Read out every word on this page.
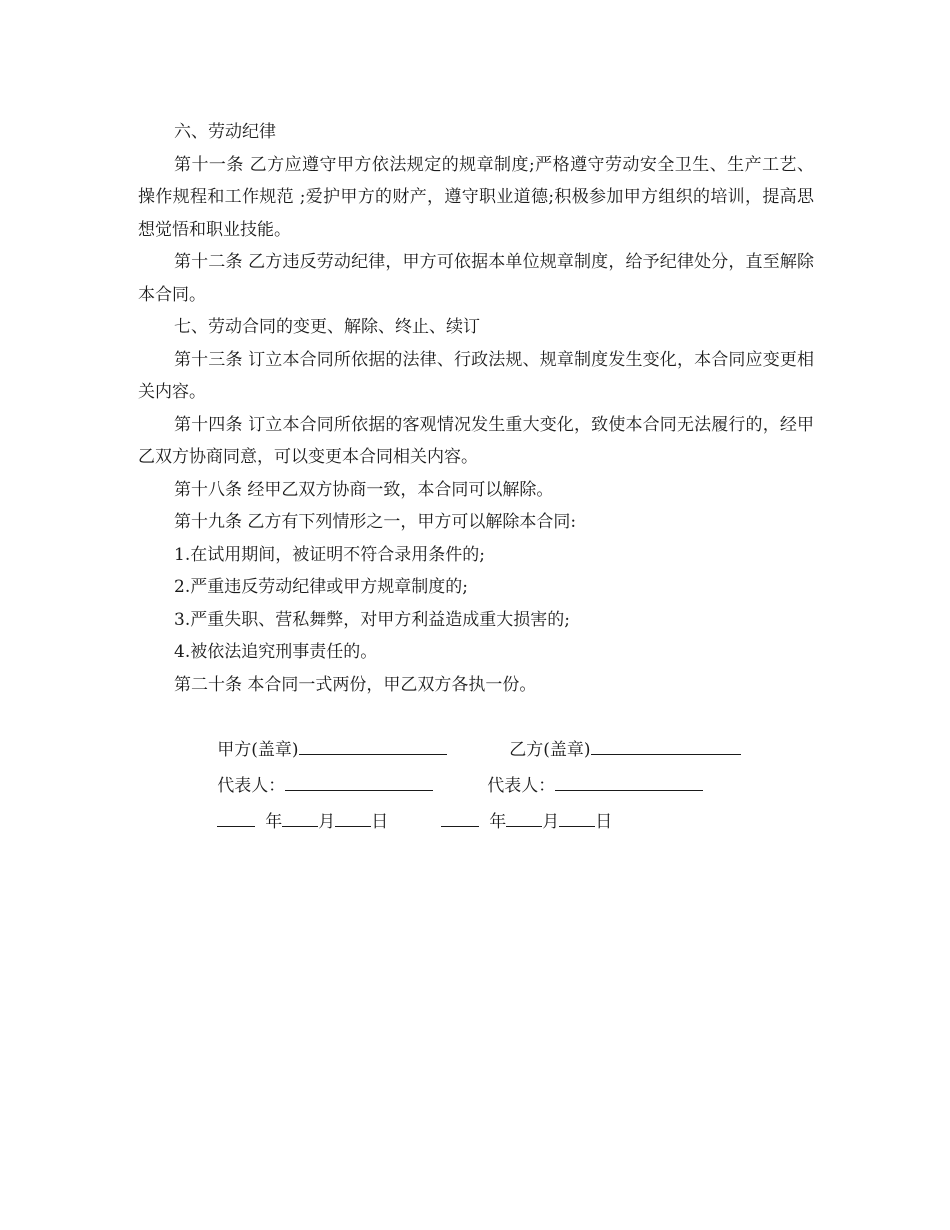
六、劳动纪律

第十一条 乙方应遵守甲方依法规定的规章制度;严格遵守劳动安全卫生、生产工艺、操作规程和工作规范 ;爱护甲方的财产，遵守职业道德;积极参加甲方组织的培训，提高思想觉悟和职业技能。

第十二条 乙方违反劳动纪律，甲方可依据本单位规章制度，给予纪律处分，直至解除本合同。

七、劳动合同的变更、解除、终止、续订

第十三条 订立本合同所依据的法律、行政法规、规章制度发生变化，本合同应变更相关内容。

第十四条 订立本合同所依据的客观情况发生重大变化，致使本合同无法履行的，经甲乙双方协商同意，可以变更本合同相关内容。

第十八条 经甲乙双方协商一致，本合同可以解除。

第十九条 乙方有下列情形之一，甲方可以解除本合同:

1.在试用期间，被证明不符合录用条件的;

2.严重违反劳动纪律或甲方规章制度的;

3.严重失职、营私舞弊，对甲方利益造成重大损害的;

4.被依法追究刑事责任的。

第二十条 本合同一式两份，甲乙双方各执一份。

甲方(盖章)
	乙方(盖章)

代表人：
	代表人：

年 月 日
	年 月 日
